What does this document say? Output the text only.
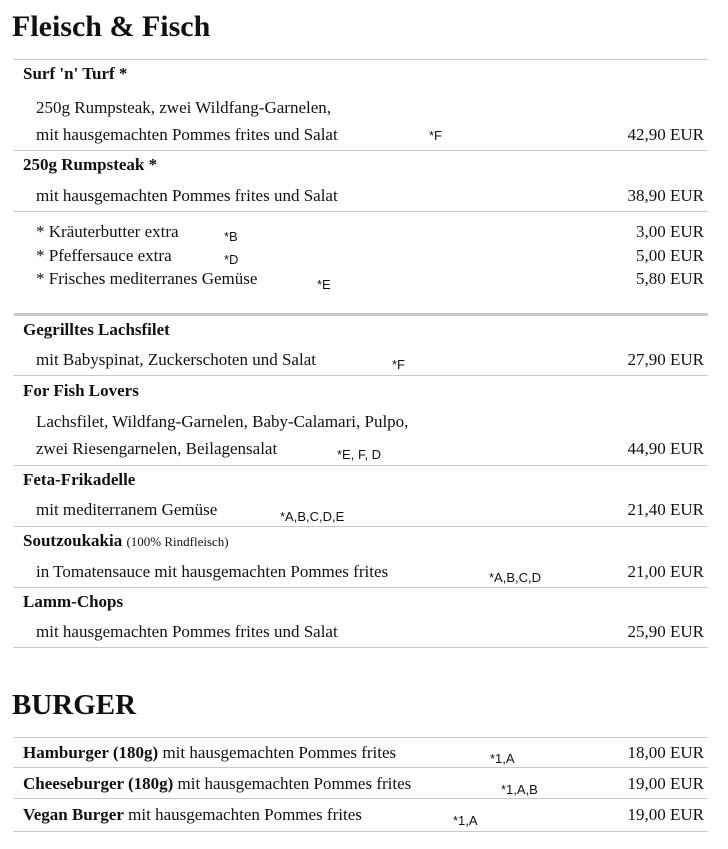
Fleisch & Fisch
Surf 'n' Turf *
250g Rumpsteak, zwei Wildfang-Garnelen,
mit hausgemachten Pommes frites und Salat	*F	42,90 EUR
250g Rumpsteak *
mit hausgemachten Pommes frites und Salat	38,90 EUR
* Kräuterbutter extra	*B	3,00 EUR
* Pfeffersauce extra	*D	5,00 EUR
* Frisches mediterranes Gemüse	*E	5,80 EUR
Gegrilltes Lachsfilet
mit Babyspinat, Zuckerschoten und Salat	*F	27,90 EUR
For Fish Lovers
Lachsfilet, Wildfang-Garnelen, Baby-Calamari, Pulpo,
zwei Riesengarnelen, Beilagensalat	*E, F, D	44,90 EUR
Feta-Frikadelle
mit mediterranem Gemüse	*A,B,C,D,E	21,40 EUR
Soutzoukakia (100% Rindfleisch)
in Tomatensauce mit hausgemachten Pommes frites	*A,B,C,D	21,00 EUR
Lamm-Chops
mit hausgemachten Pommes frites und Salat	25,90 EUR
BURGER
Hamburger (180g) mit hausgemachten Pommes frites	*1,A	18,00 EUR
Cheeseburger (180g) mit hausgemachten Pommes frites	*1,A,B	19,00 EUR
Vegan Burger mit hausgemachten Pommes frites	*1,A	19,00 EUR
